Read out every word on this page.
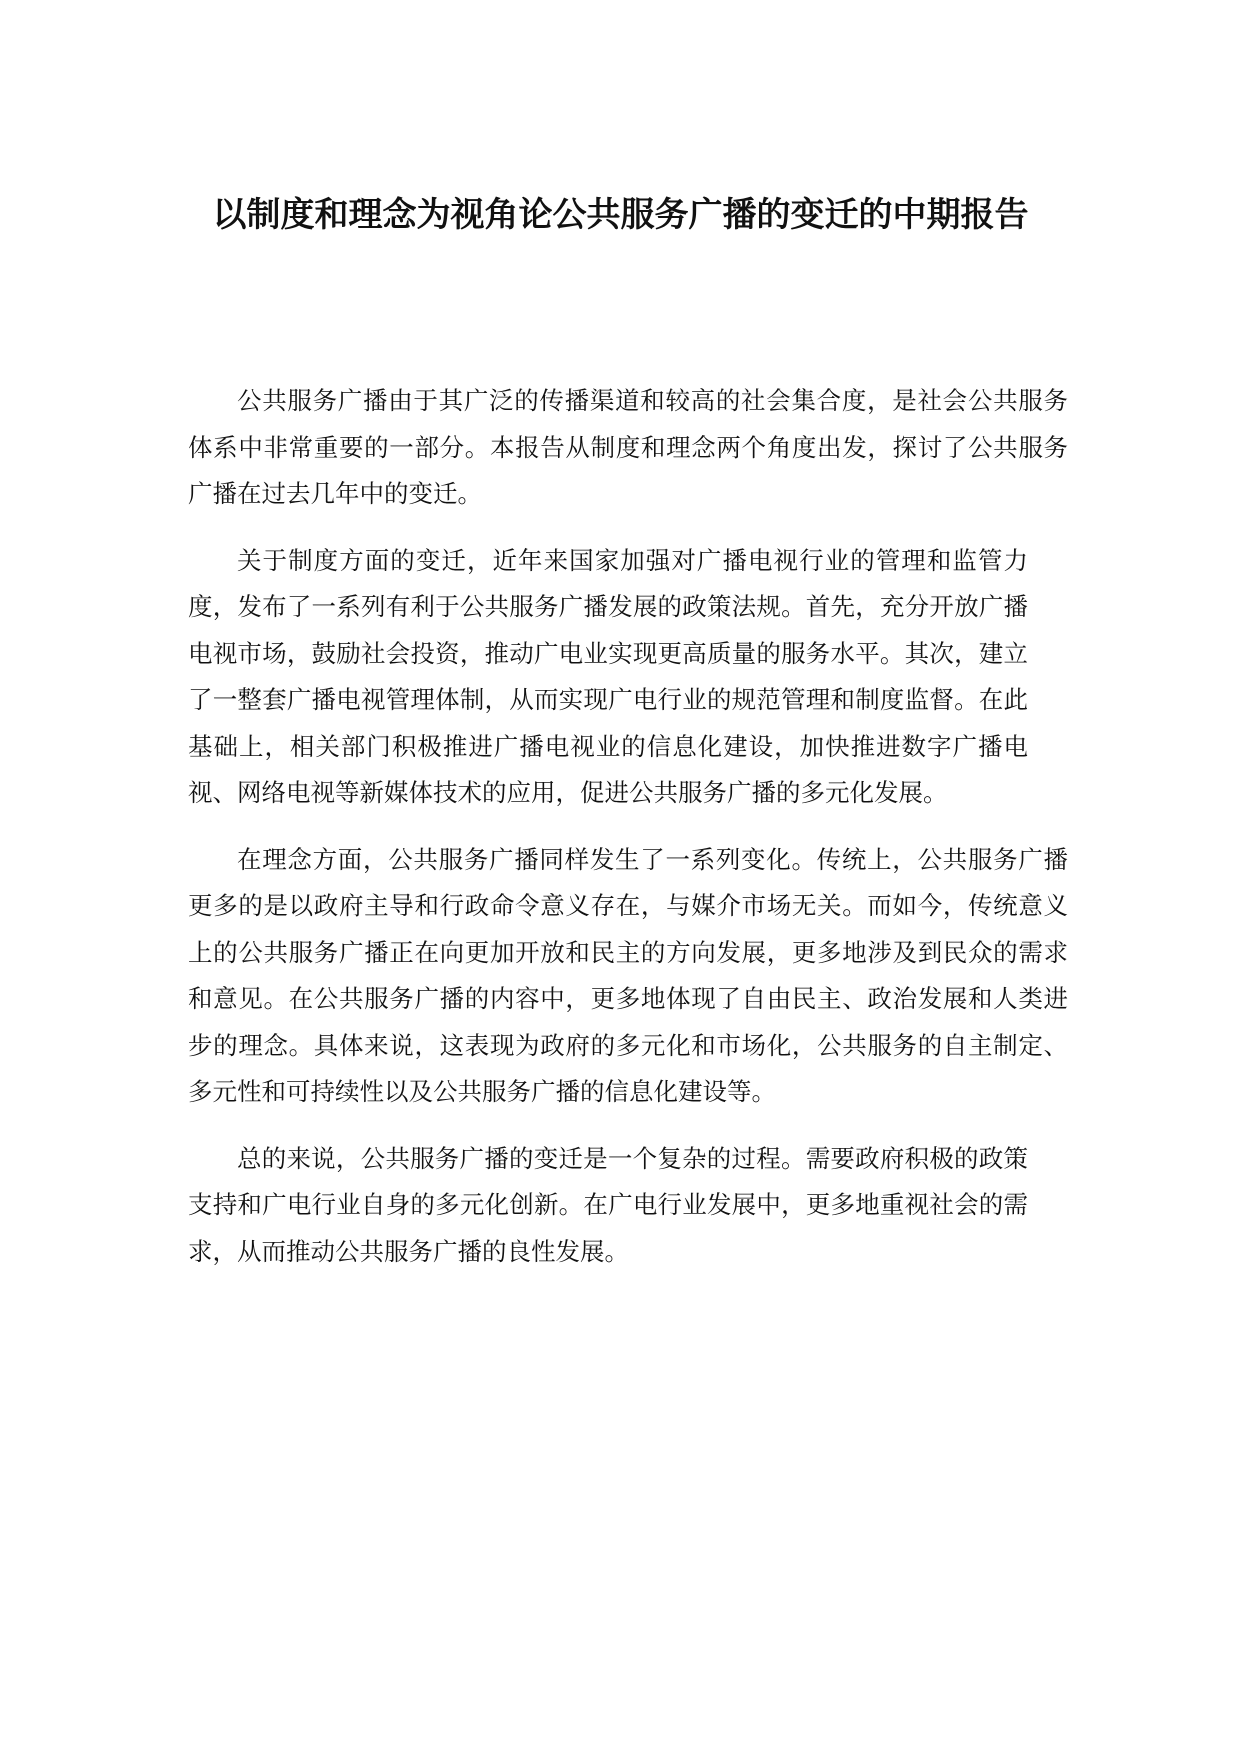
以制度和理念为视角论公共服务广播的变迁的中期报告

公共服务广播由于其广泛的传播渠道和较高的社会集合度，是社会公共服务体系中非常重要的一部分。本报告从制度和理念两个角度出发，探讨了公共服务广播在过去几年中的变迁。

关于制度方面的变迁，近年来国家加强对广播电视行业的管理和监管力度，发布了一系列有利于公共服务广播发展的政策法规。首先，充分开放广播电视市场，鼓励社会投资，推动广电业实现更高质量的服务水平。其次，建立了一整套广播电视管理体制，从而实现广电行业的规范管理和制度监督。在此基础上，相关部门积极推进广播电视业的信息化建设，加快推进数字广播电视、网络电视等新媒体技术的应用，促进公共服务广播的多元化发展。

在理念方面，公共服务广播同样发生了一系列变化。传统上，公共服务广播更多的是以政府主导和行政命令意义存在，与媒介市场无关。而如今，传统意义上的公共服务广播正在向更加开放和民主的方向发展，更多地涉及到民众的需求和意见。在公共服务广播的内容中，更多地体现了自由民主、政治发展和人类进步的理念。具体来说，这表现为政府的多元化和市场化，公共服务的自主制定、多元性和可持续性以及公共服务广播的信息化建设等。

总的来说，公共服务广播的变迁是一个复杂的过程。需要政府积极的政策支持和广电行业自身的多元化创新。在广电行业发展中，更多地重视社会的需求，从而推动公共服务广播的良性发展。
